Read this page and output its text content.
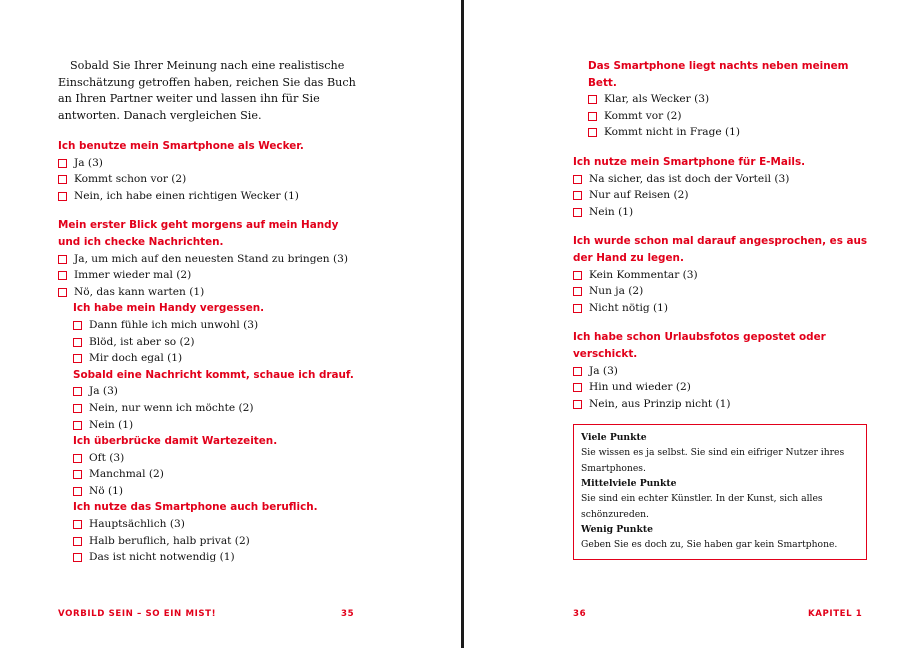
Sobald Sie Ihrer Meinung nach eine realistische Einschätzung getroffen haben, reichen Sie das Buch an Ihren Partner weiter und lassen ihn für Sie antworten. Danach vergleichen Sie.

Ich benutze mein Smartphone als Wecker.

Ja (3)
Kommt schon vor (2)
Nein, ich habe einen richtigen Wecker (1)

Mein erster Blick geht morgens auf mein Handy und ich checke Nachrichten.

Ja, um mich auf den neuesten Stand zu bringen (3)
Immer wieder mal (2)
Nö, das kann warten (1)

Ich habe mein Handy vergessen.

Dann fühle ich mich unwohl (3)
Blöd, ist aber so (2)
Mir doch egal (1)

Sobald eine Nachricht kommt, schaue ich drauf.

Ja (3)
Nein, nur wenn ich möchte (2)
Nein (1)

Ich überbrücke damit Wartezeiten.

Oft (3)
Manchmal (2)
Nö (1)

Ich nutze das Smartphone auch beruflich.

Hauptsächlich (3)
Halb beruflich, halb privat (2)
Das ist nicht notwendig (1)

Das Smartphone liegt nachts neben meinem Bett.

Klar, als Wecker (3)
Kommt vor (2)
Kommt nicht in Frage (1)

Ich nutze mein Smartphone für E-Mails.

Na sicher, das ist doch der Vorteil (3)
Nur auf Reisen (2)
Nein (1)

Ich wurde schon mal darauf angesprochen, es aus der Hand zu legen.

Kein Kommentar (3)
Nun ja (2)
Nicht nötig (1)

Ich habe schon Urlaubsfotos gepostet oder verschickt.

Ja (3)
Hin und wieder (2)
Nein, aus Prinzip nicht (1)

Viele Punkte

Sie wissen es ja selbst. Sie sind ein eifriger Nutzer ihres Smartphones.

Mittelviele Punkte

Sie sind ein echter Künstler. In der Kunst, sich alles schönzureden.

Wenig Punkte

Geben Sie es doch zu, Sie haben gar kein Smartphone.

VORBILD SEIN – SO EIN MIST!	35	36	KAPITEL 1
